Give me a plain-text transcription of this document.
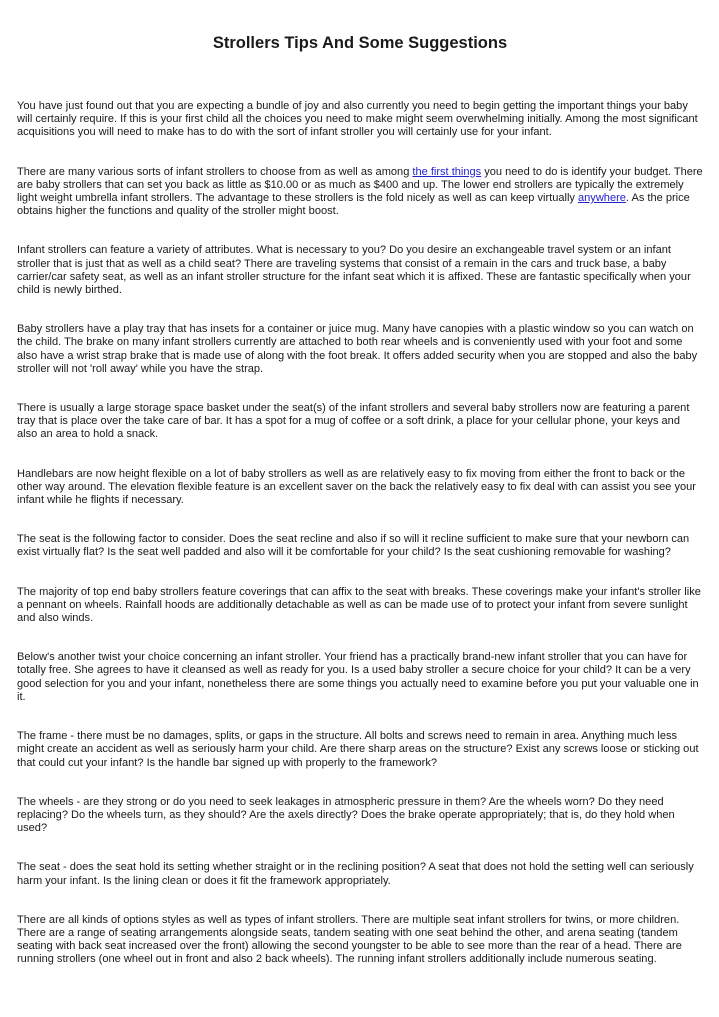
Strollers Tips And Some Suggestions

You have just found out that you are expecting a bundle of joy and also currently you need to begin getting the important things your baby will certainly require. If this is your first child all the choices you need to make might seem overwhelming initially. Among the most significant acquisitions you will need to make has to do with the sort of infant stroller you will certainly use for your infant.

There are many various sorts of infant strollers to choose from as well as among the first things you need to do is identify your budget. There are baby strollers that can set you back as little as $10.00 or as much as $400 and up. The lower end strollers are typically the extremely light weight umbrella infant strollers. The advantage to these strollers is the fold nicely as well as can keep virtually anywhere. As the price obtains higher the functions and quality of the stroller might boost.

Infant strollers can feature a variety of attributes. What is necessary to you? Do you desire an exchangeable travel system or an infant stroller that is just that as well as a child seat? There are traveling systems that consist of a remain in the cars and truck base, a baby carrier/car safety seat, as well as an infant stroller structure for the infant seat which it is affixed. These are fantastic specifically when your child is newly birthed.

Baby strollers have a play tray that has insets for a container or juice mug. Many have canopies with a plastic window so you can watch on the child. The brake on many infant strollers currently are attached to both rear wheels and is conveniently used with your foot and some also have a wrist strap brake that is made use of along with the foot break. It offers added security when you are stopped and also the baby stroller will not 'roll away' while you have the strap.

There is usually a large storage space basket under the seat(s) of the infant strollers and several baby strollers now are featuring a parent tray that is place over the take care of bar. It has a spot for a mug of coffee or a soft drink, a place for your cellular phone, your keys and also an area to hold a snack.

Handlebars are now height flexible on a lot of baby strollers as well as are relatively easy to fix moving from either the front to back or the other way around. The elevation flexible feature is an excellent saver on the back the relatively easy to fix deal with can assist you see your infant while he flights if necessary.

The seat is the following factor to consider. Does the seat recline and also if so will it recline sufficient to make sure that your newborn can exist virtually flat? Is the seat well padded and also will it be comfortable for your child? Is the seat cushioning removable for washing?

The majority of top end baby strollers feature coverings that can affix to the seat with breaks. These coverings make your infant's stroller like a pennant on wheels. Rainfall hoods are additionally detachable as well as can be made use of to protect your infant from severe sunlight and also winds.

Below's another twist your choice concerning an infant stroller. Your friend has a practically brand-new infant stroller that you can have for totally free. She agrees to have it cleansed as well as ready for you. Is a used baby stroller a secure choice for your child? It can be a very good selection for you and your infant, nonetheless there are some things you actually need to examine before you put your valuable one in it.

The frame - there must be no damages, splits, or gaps in the structure. All bolts and screws need to remain in area. Anything much less might create an accident as well as seriously harm your child. Are there sharp areas on the structure? Exist any screws loose or sticking out that could cut your infant? Is the handle bar signed up with properly to the framework?

The wheels - are they strong or do you need to seek leakages in atmospheric pressure in them? Are the wheels worn? Do they need replacing? Do the wheels turn, as they should? Are the axels directly? Does the brake operate appropriately; that is, do they hold when used?

The seat - does the seat hold its setting whether straight or in the reclining position? A seat that does not hold the setting well can seriously harm your infant. Is the lining clean or does it fit the framework appropriately.

There are all kinds of options styles as well as types of infant strollers. There are multiple seat infant strollers for twins, or more children. There are a range of seating arrangements alongside seats, tandem seating with one seat behind the other, and arena seating (tandem seating with back seat increased over the front) allowing the second youngster to be able to see more than the rear of a head. There are running strollers (one wheel out in front and also 2 back wheels). The running infant strollers additionally include numerous seating.
